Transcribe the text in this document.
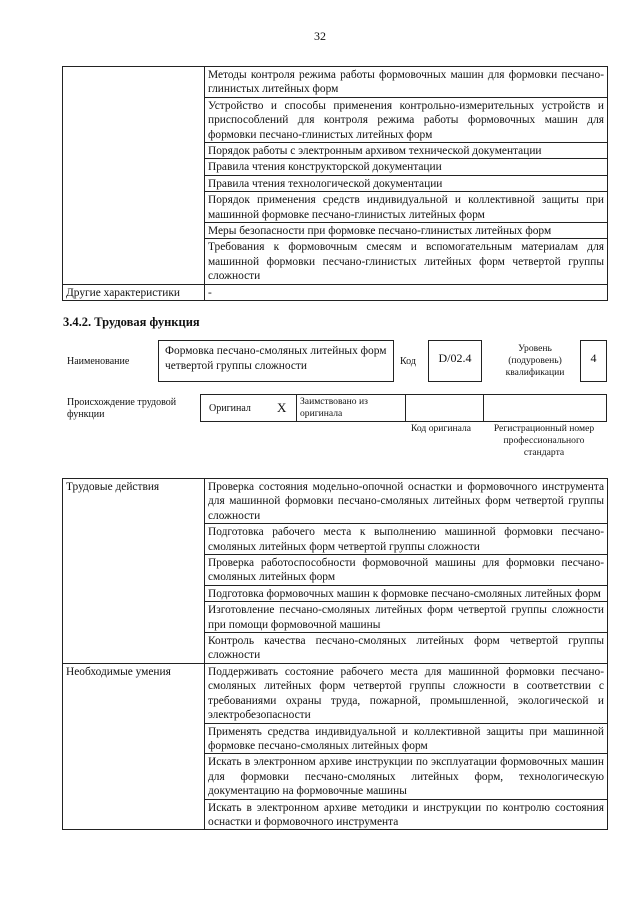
32
	Методы контроля режима работы формовочных машин для формовки песчано-глинистых литейных форм
	Устройство и способы применения контрольно-измерительных устройств и приспособлений для контроля режима работы формовочных машин для формовки песчано-глинистых литейных форм
	Порядок работы с электронным архивом технической документации
	Правила чтения конструкторской документации
	Правила чтения технологической документации
	Порядок применения средств индивидуальной и коллективной защиты при машинной формовке песчано-глинистых литейных форм
	Меры безопасности при формовке песчано-глинистых литейных форм
	Требования к формовочным смесям и вспомогательным материалам для машинной формовки песчано-глинистых литейных форм четвертой группы сложности
Другие характеристики	-
3.4.2. Трудовая функция
Наименование
Формовка песчано-смоляных литейных форм четвертой группы сложности	Код	D/02.4
Уровень (подуровень) квалификации
4
Происхождение трудовой функции
Оригинал X Заимствовано из оригинала
Код оригинала	Регистрационный номер профессионального стандарта
Трудовые действия	Проверка состояния модельно-опочной оснастки и формовочного инструмента для машинной формовки песчано-смоляных литейных форм четвертой группы сложности
	Подготовка рабочего места к выполнению машинной формовки песчано-смоляных литейных форм четвертой группы сложности
	Проверка работоспособности формовочной машины для формовки песчано-смоляных литейных форм
	Подготовка формовочных машин к формовке песчано-смоляных литейных форм
	Изготовление песчано-смоляных литейных форм четвертой группы сложности при помощи формовочной машины
	Контроль качества песчано-смоляных литейных форм четвертой группы сложности
Необходимые умения	Поддерживать состояние рабочего места для машинной формовки песчано-смоляных литейных форм четвертой группы сложности в соответствии с требованиями охраны труда, пожарной, промышленной, экологической и электробезопасности
	Применять средства индивидуальной и коллективной защиты при машинной формовке песчано-смоляных литейных форм
	Искать в электронном архиве инструкции по эксплуатации формовочных машин для формовки песчано-смоляных литейных форм, технологическую документацию на формовочные машины
	Искать в электронном архиве методики и инструкции по контролю состояния оснастки и формовочного инструмента
